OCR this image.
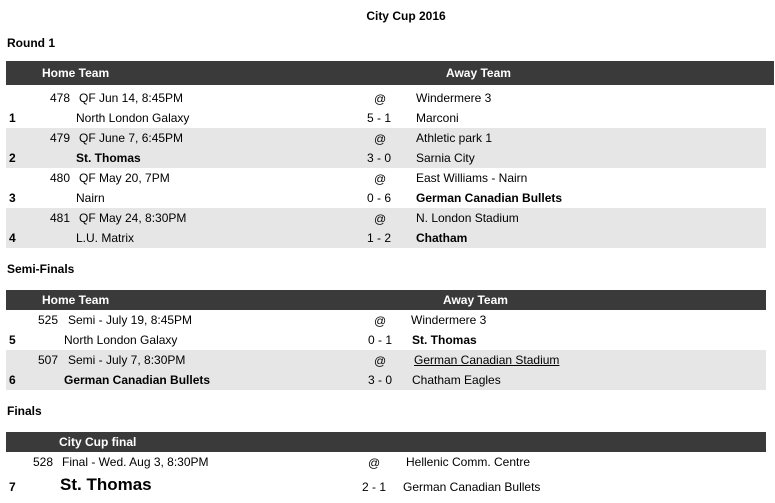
City Cup 2016
Round 1
Home Team	Away Team
478 QF Jun 14, 8:45PM	@ Windermere 3
1	North London Galaxy	5 - 1 Marconi
479 QF June 7, 6:45PM	@ Athletic park 1
2	St. Thomas	3 - 0 Sarnia City
480 QF May 20, 7PM	@ East Williams - Nairn
3	Nairn	0 - 6 German Canadian Bullets
481 QF May 24, 8:30PM	@ N. London Stadium
4	L.U. Matrix	1 - 2 Chatham
Semi-Finals
Home Team	Away Team
525 Semi - July 19, 8:45PM	@ Windermere 3
5	North London Galaxy	0 - 1 St. Thomas
507 Semi - July 7, 8:30PM	@ German Canadian Stadium
6	German Canadian Bullets	3 - 0 Chatham Eagles
Finals
City Cup final
528 Final - Wed. Aug 3, 8:30PM	@ Hellenic Comm. Centre
7	St. Thomas	2 - 1 German Canadian Bullets
